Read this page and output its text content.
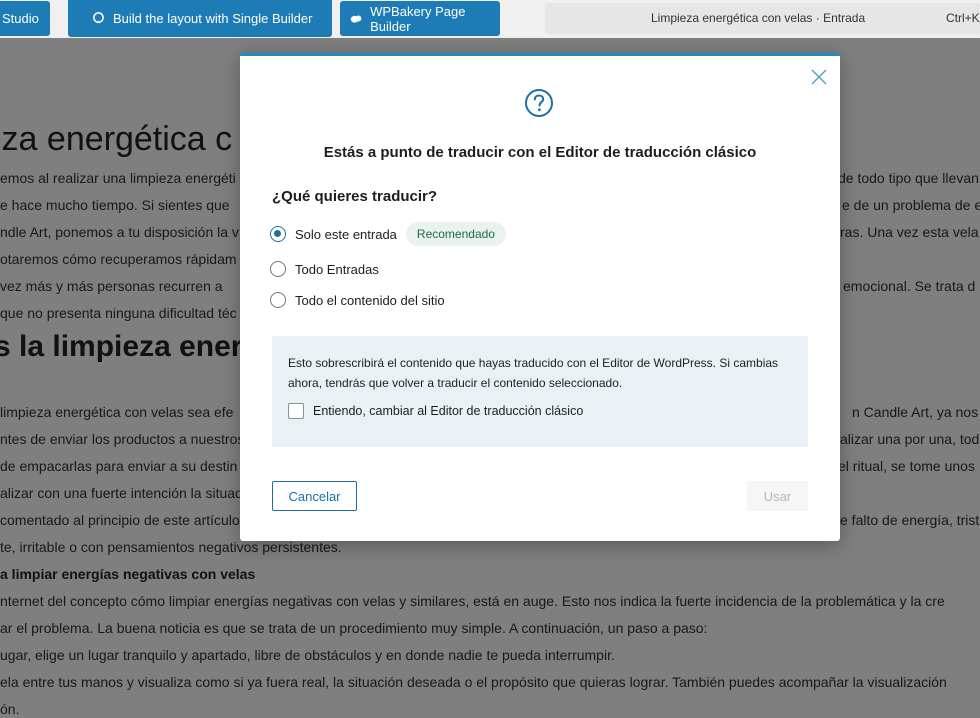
Studio	Build the layout with Single Builder	WPBakery Page Builder
Limpieza energética con velas · Entrada	Ctrl+K
Estás a punto de traducir con el Editor de traducción clásico
¿Qué quieres traducir?
Solo este entrada	Recomendado
Todo Entradas
Todo el contenido del sitio
Esto sobrescribirá el contenido que hayas traducido con el Editor de WordPress. Si cambias ahora, tendrás que volver a traducir el contenido seleccionado.
Entiendo, cambiar al Editor de traducción clásico
Cancelar	Usar
